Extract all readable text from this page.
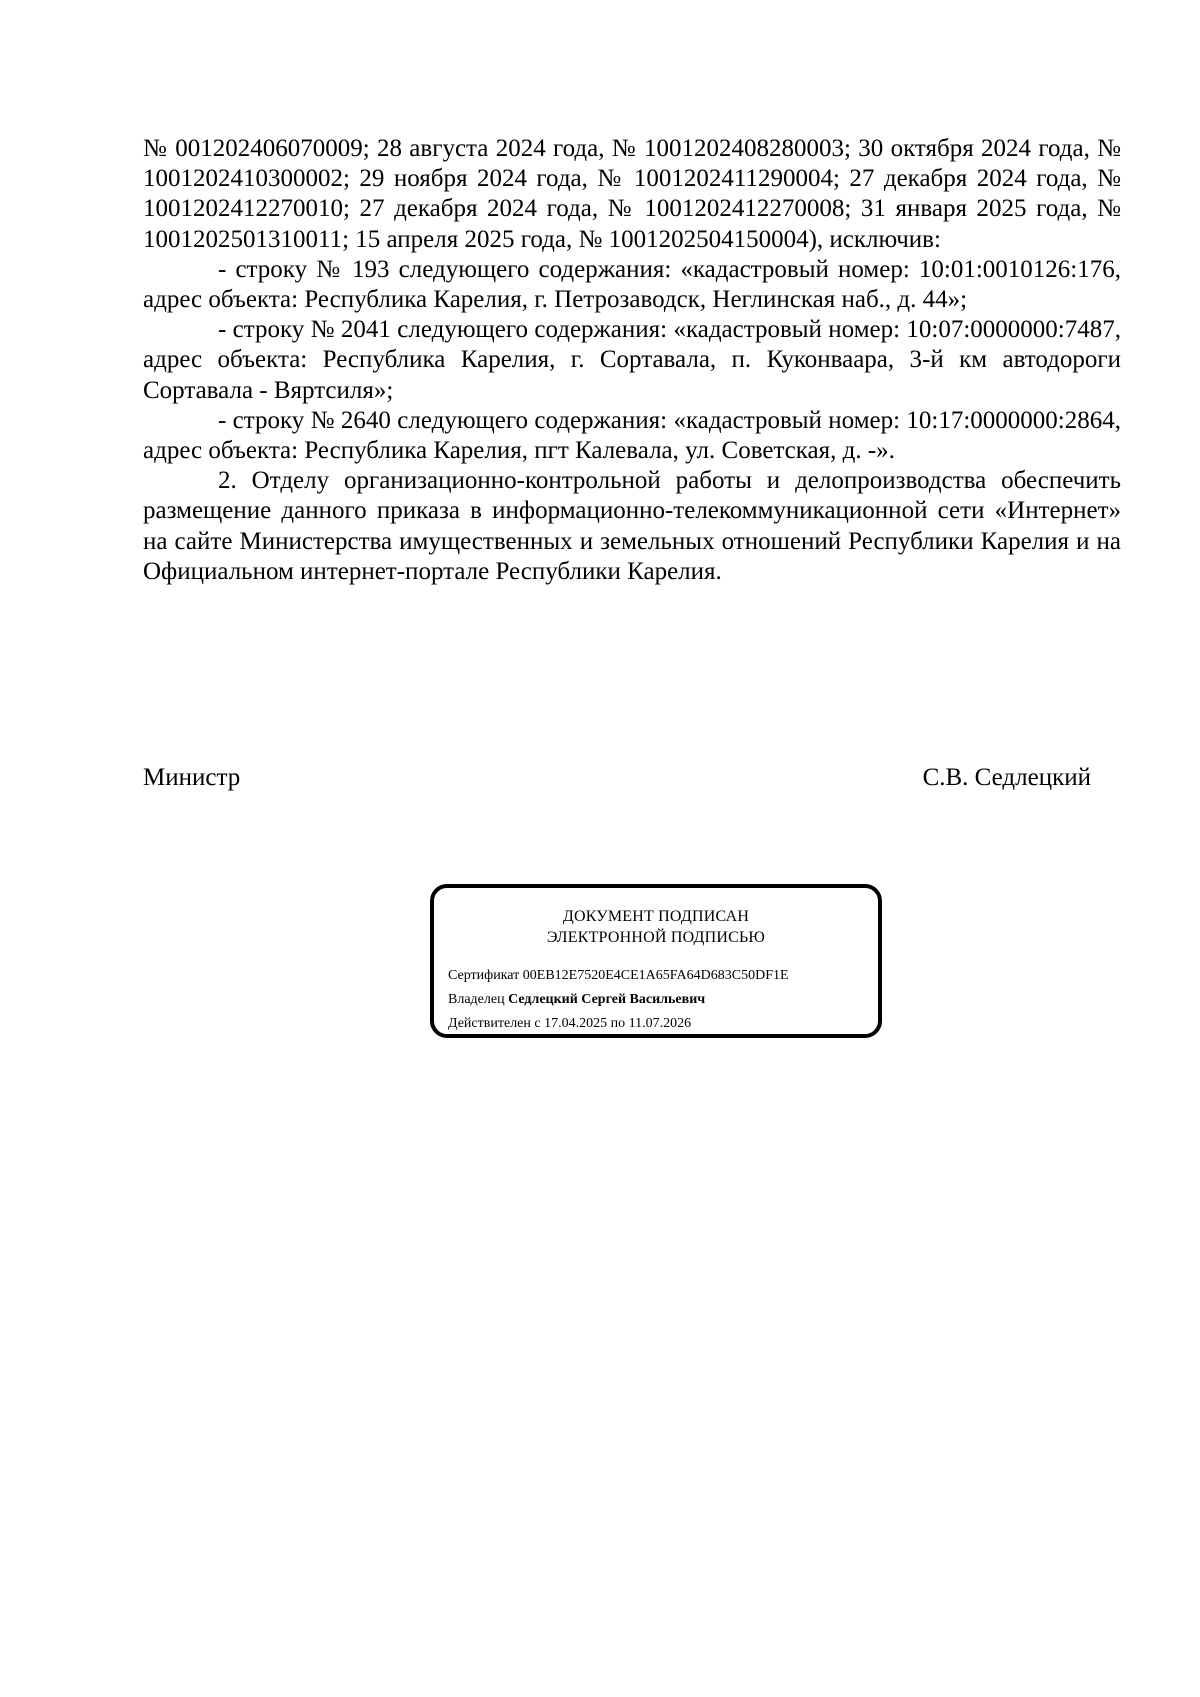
№ 001202406070009; 28 августа 2024 года, № 1001202408280003; 30 октября 2024 года, № 1001202410300002; 29 ноября 2024 года, № 1001202411290004; 27 декабря 2024 года, № 1001202412270010; 27 декабря 2024 года, № 1001202412270008; 31 января 2025 года, № 1001202501310011; 15 апреля 2025 года, № 1001202504150004), исключив:

- строку № 193 следующего содержания: «кадастровый номер: 10:01:0010126:176, адрес объекта: Республика Карелия, г. Петрозаводск, Неглинская наб., д. 44»;

- строку № 2041 следующего содержания: «кадастровый номер: 10:07:0000000:7487, адрес объекта: Республика Карелия, г. Сортавала, п. Куконваара, 3-й км автодороги Сортавала - Вяртсиля»;

- строку № 2640 следующего содержания: «кадастровый номер: 10:17:0000000:2864, адрес объекта: Республика Карелия, пгт Калевала, ул. Советская, д. -».

2. Отделу организационно-контрольной работы и делопроизводства обеспечить размещение данного приказа в информационно-телекоммуникационной сети «Интернет» на сайте Министерства имущественных и земельных отношений Республики Карелия и на Официальном интернет-портале Республики Карелия.

Министр	С.В. Седлецкий
ДОКУМЕНТ ПОДПИСАН
ЭЛЕКТРОННОЙ ПОДПИСЬЮ
Сертификат 00EB12E7520E4CE1A65FA64D683C50DF1E
Владелец Седлецкий Сергей Васильевич
Действителен с 17.04.2025 по 11.07.2026
